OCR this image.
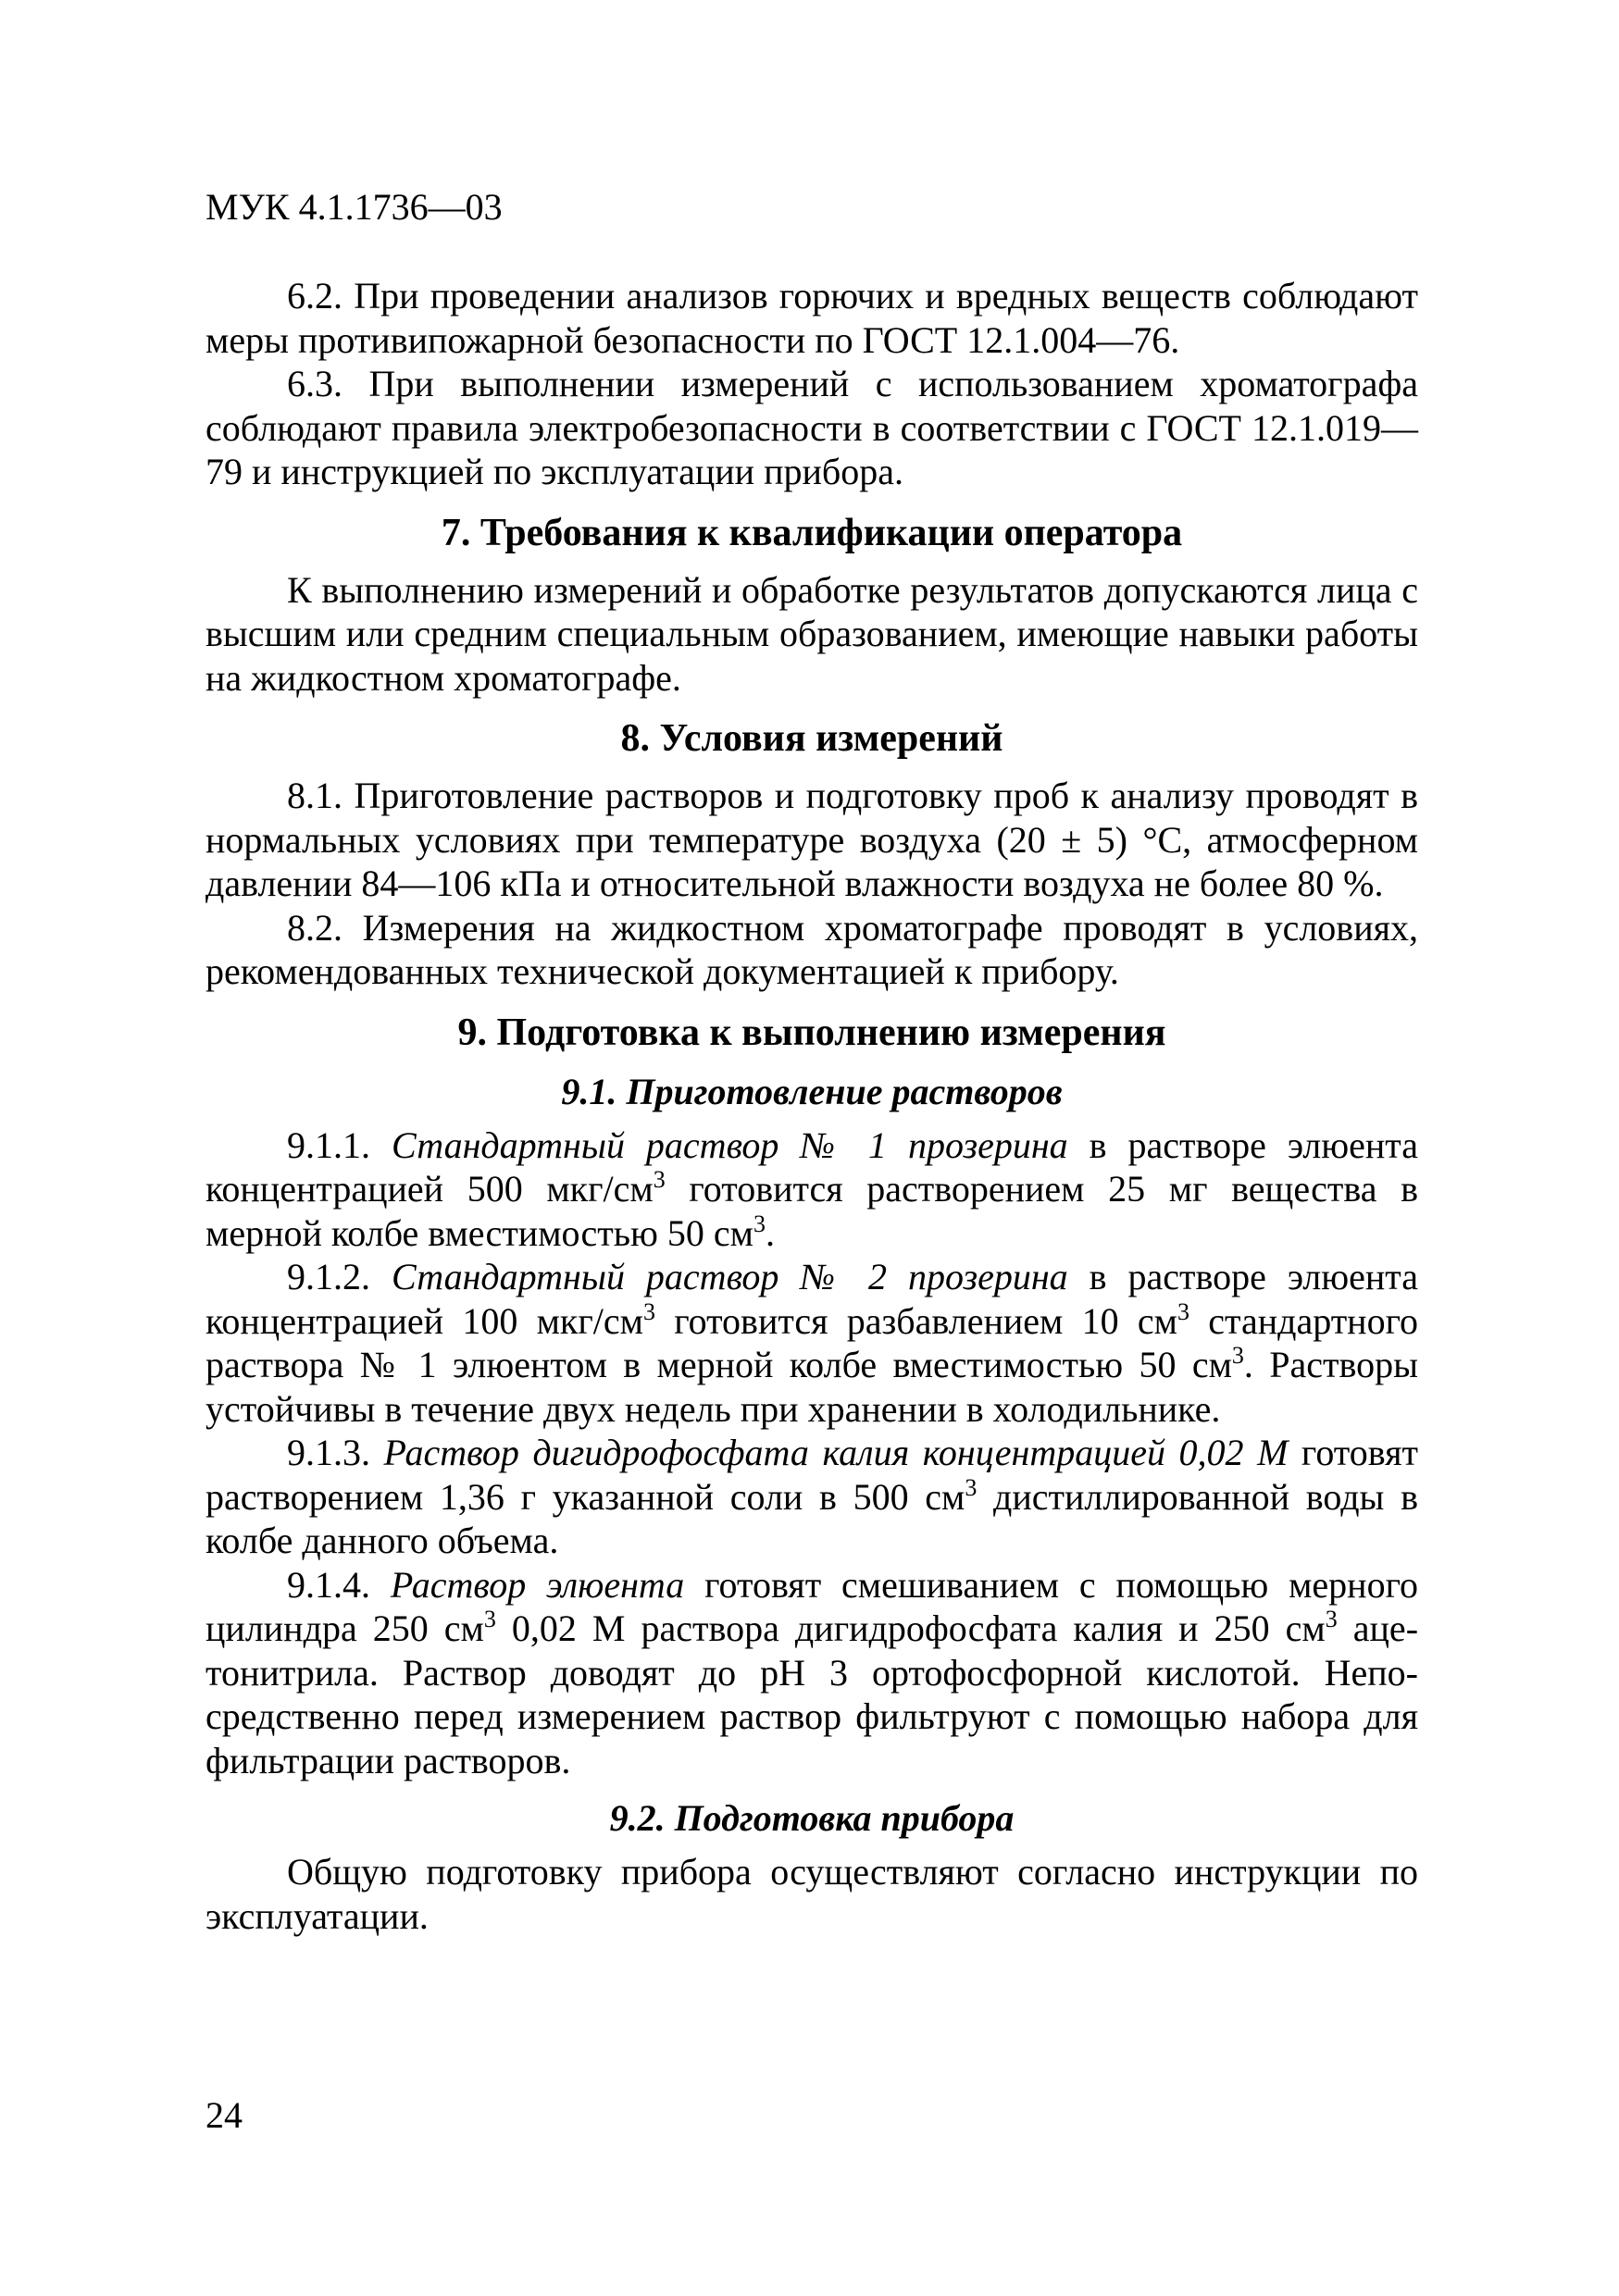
МУК 4.1.1736—03

6.2. При проведении анализов горючих и вредных веществ соблюдают меры противипожарной безопасности по ГОСТ 12.1.004—76.

6.3. При выполнении измерений с использованием хроматографа соблюдают правила электробезопасности в соответствии с ГОСТ 12.1.019—79 и инструкцией по эксплуатации прибора.

7. Требования к квалификации оператора

К выполнению измерений и обработке результатов допускаются лица с высшим или средним специальным образованием, имеющие навыки работы на жидкостном хроматографе.

8. Условия измерений

8.1. Приготовление растворов и подготовку проб к анализу проводят в нормальных условиях при температуре воздуха (20 ± 5) °С, атмосферном давлении 84—106 кПа и относительной влажности воздуха не более 80 %.

8.2. Измерения на жидкостном хроматографе проводят в условиях, рекомендованных технической документацией к прибору.

9. Подготовка к выполнению измерения
9.1. Приготовление растворов

9.1.1. Стандартный раствор № 1 прозерина в растворе элюента концентрацией 500 мкг/$см^3$ готовится растворением 25 мг вещества в мерной колбе вместимостью 50 $см^3$.

9.1.2. Стандартный раствор № 2 прозерина в растворе элюента концентрацией 100 мкг/$см^3$ готовится разбавлением 10 $см^3$ стандартного раствора № 1 элюентом в мерной колбе вместимостью 50 $см^3$. Растворы устойчивы в течение двух недель при хранении в холодильнике.

9.1.3. Раствор дигидрофосфата калия концентрацией 0,02 М готовят растворением 1,36 г указанной соли в 500 $см^3$ дистиллированной воды в колбе данного объема.

9.1.4. Раствор элюента готовят смешиванием с помощью мерного цилиндра 250 $см^3$ 0,02 М раствора дигидрофосфата калия и 250 $см^3$ ацетонитрила. Раствор доводят до pH 3 ортофосфорной кислотой. Непосредственно перед измерением раствор фильтруют с помощью набора для фильтрации растворов.

9.2. Подготовка прибора

Общую подготовку прибора осуществляют согласно инструкции по эксплуатации.

24
